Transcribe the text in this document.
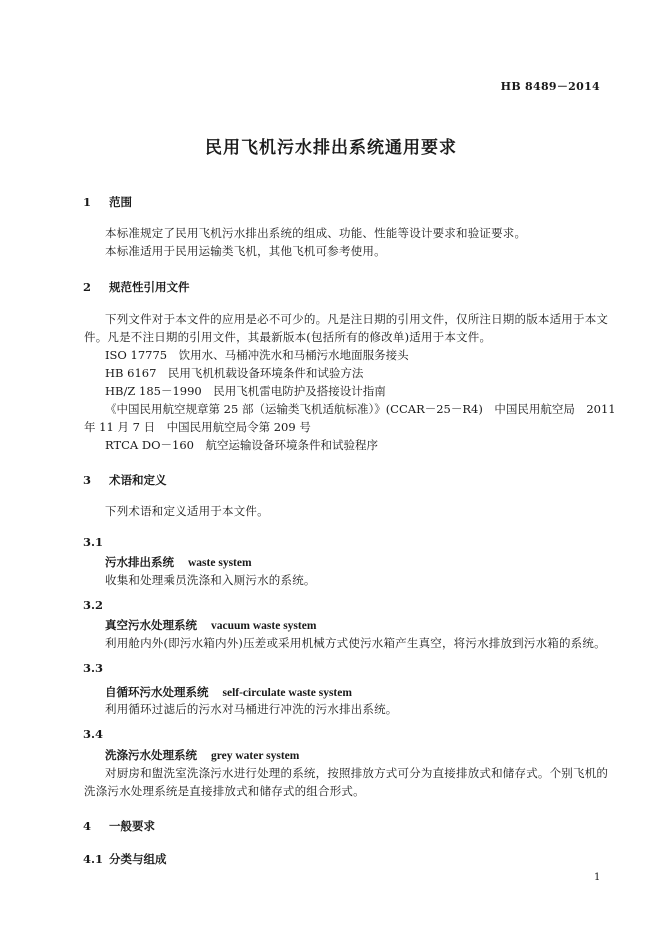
HB 8489－2014
民用飞机污水排出系统通用要求
1 范围
本标准规定了民用飞机污水排出系统的组成、功能、性能等设计要求和验证要求。
本标准适用于民用运输类飞机，其他飞机可参考使用。
2 规范性引用文件
下列文件对于本文件的应用是必不可少的。凡是注日期的引用文件，仅所注日期的版本适用于本文
件。凡是不注日期的引用文件，其最新版本(包括所有的修改单)适用于本文件。
ISO 17775　饮用水、马桶冲洗水和马桶污水地面服务接头
HB 6167　民用飞机机载设备环境条件和试验方法
HB/Z 185－1990　民用飞机雷电防护及搭接设计指南
《中国民用航空规章第 25 部（运输类飞机适航标准）》(CCAR－25－R4)　中国民用航空局　2011
年 11 月 7 日　中国民用航空局令第 209 号
RTCA DO－160　航空运输设备环境条件和试验程序
3 术语和定义
下列术语和定义适用于本文件。
3.1
污水排出系统 waste system
收集和处理乘员洗涤和入厕污水的系统。
3.2
真空污水处理系统 vacuum waste system
利用舱内外(即污水箱内外)压差或采用机械方式使污水箱产生真空，将污水排放到污水箱的系统。
3.3
自循环污水处理系统 self-circulate waste system
利用循环过滤后的污水对马桶进行冲洗的污水排出系统。
3.4
洗涤污水处理系统 grey water system
对厨房和盥洗室洗涤污水进行处理的系统，按照排放方式可分为直接排放式和储存式。个别飞机的
洗涤污水处理系统是直接排放式和储存式的组合形式。
4 一般要求
4.1 分类与组成
1
